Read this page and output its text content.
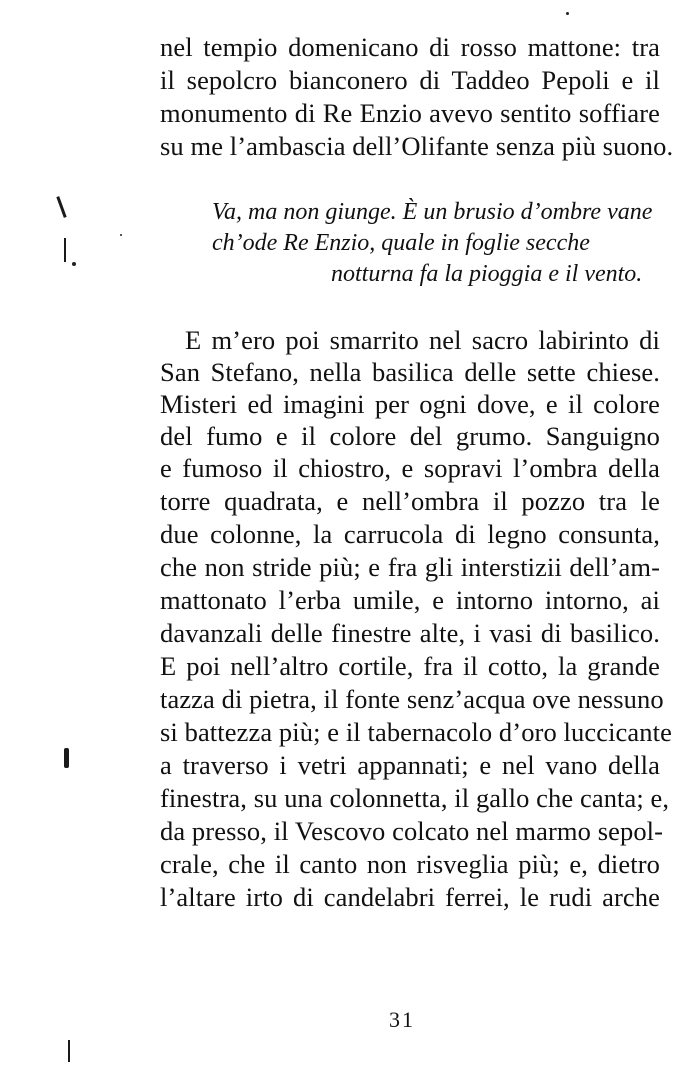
nel tempio domenicano di rosso mattone: tra
il sepolcro bianconero di Taddeo Pepoli e il
monumento di Re Enzio avevo sentito soffiare
su me l’ambascia dell’Olifante senza più suono.
Va, ma non giunge. È un brusio d’ombre vane
ch’ode Re Enzio, quale in foglie secche
notturna fa la pioggia e il vento.
E m’ero poi smarrito nel sacro labirinto di
San Stefano, nella basilica delle sette chiese.
Misteri ed imagini per ogni dove, e il colore
del fumo e il colore del grumo. Sanguigno
e fumoso il chiostro, e sopravi l’ombra della
torre quadrata, e nell’ombra il pozzo tra le
due colonne, la carrucola di legno consunta,
che non stride più; e fra gli interstizii dell’am-
mattonato l’erba umile, e intorno intorno, ai
davanzali delle finestre alte, i vasi di basilico.
E poi nell’altro cortile, fra il cotto, la grande
tazza di pietra, il fonte senz’acqua ove nessuno
si battezza più; e il tabernacolo d’oro luccicante
a traverso i vetri appannati; e nel vano della
finestra, su una colonnetta, il gallo che canta; e,
da presso, il Vescovo colcato nel marmo sepol-
crale, che il canto non risveglia più; e, dietro
l’altare irto di candelabri ferrei, le rudi arche
31
